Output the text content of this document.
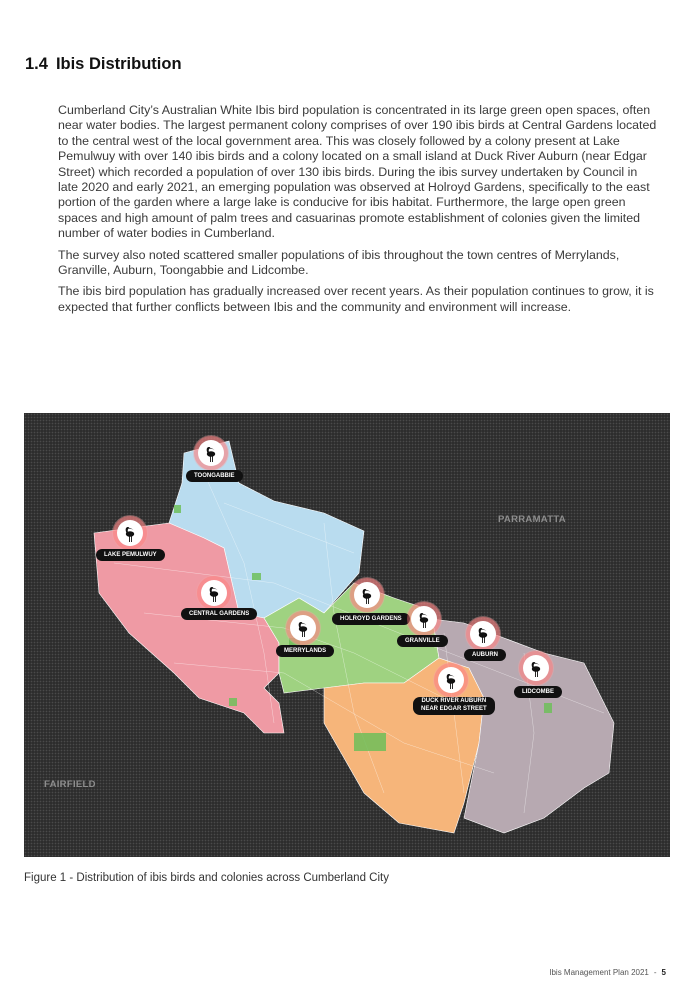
1.4 Ibis Distribution

Cumberland City’s Australian White Ibis bird population is concentrated in its large green open spaces, often near water bodies. The largest permanent colony comprises of over 190 ibis birds at Central Gardens located to the central west of the local government area. This was closely followed by a colony present at Lake Pemulwuy with over 140 ibis birds and a colony located on a small island at Duck River Auburn (near Edgar Street) which recorded a population of over 130 ibis birds. During the ibis survey undertaken by Council in late 2020 and early 2021, an emerging population was observed at Holroyd Gardens, specifically to the east portion of the garden where a large lake is conducive for ibis habitat. Furthermore, the large open green spaces and high amount of palm trees and casuarinas promote establishment of colonies given the limited number of water bodies in Cumberland.

The survey also noted scattered smaller populations of ibis throughout the town centres of Merrylands, Granville, Auburn, Toongabbie and Lidcombe.

The ibis bird population has gradually increased over recent years. As their population continues to grow, it is expected that further conflicts between Ibis and the community and environment will increase.

PARRAMATTA
FAIRFIELD
TOONGABBIE
LAKE PEMULWUY
CENTRAL GARDENS
HOLROYD GARDENS
MERRYLANDS
GRANVILLE
AUBURN
LIDCOMBE
DUCK RIVER AUBURN
NEAR EDGAR STREET
Figure 1 - Distribution of ibis birds and colonies across Cumberland City
Ibis Management Plan 2021 - 5
